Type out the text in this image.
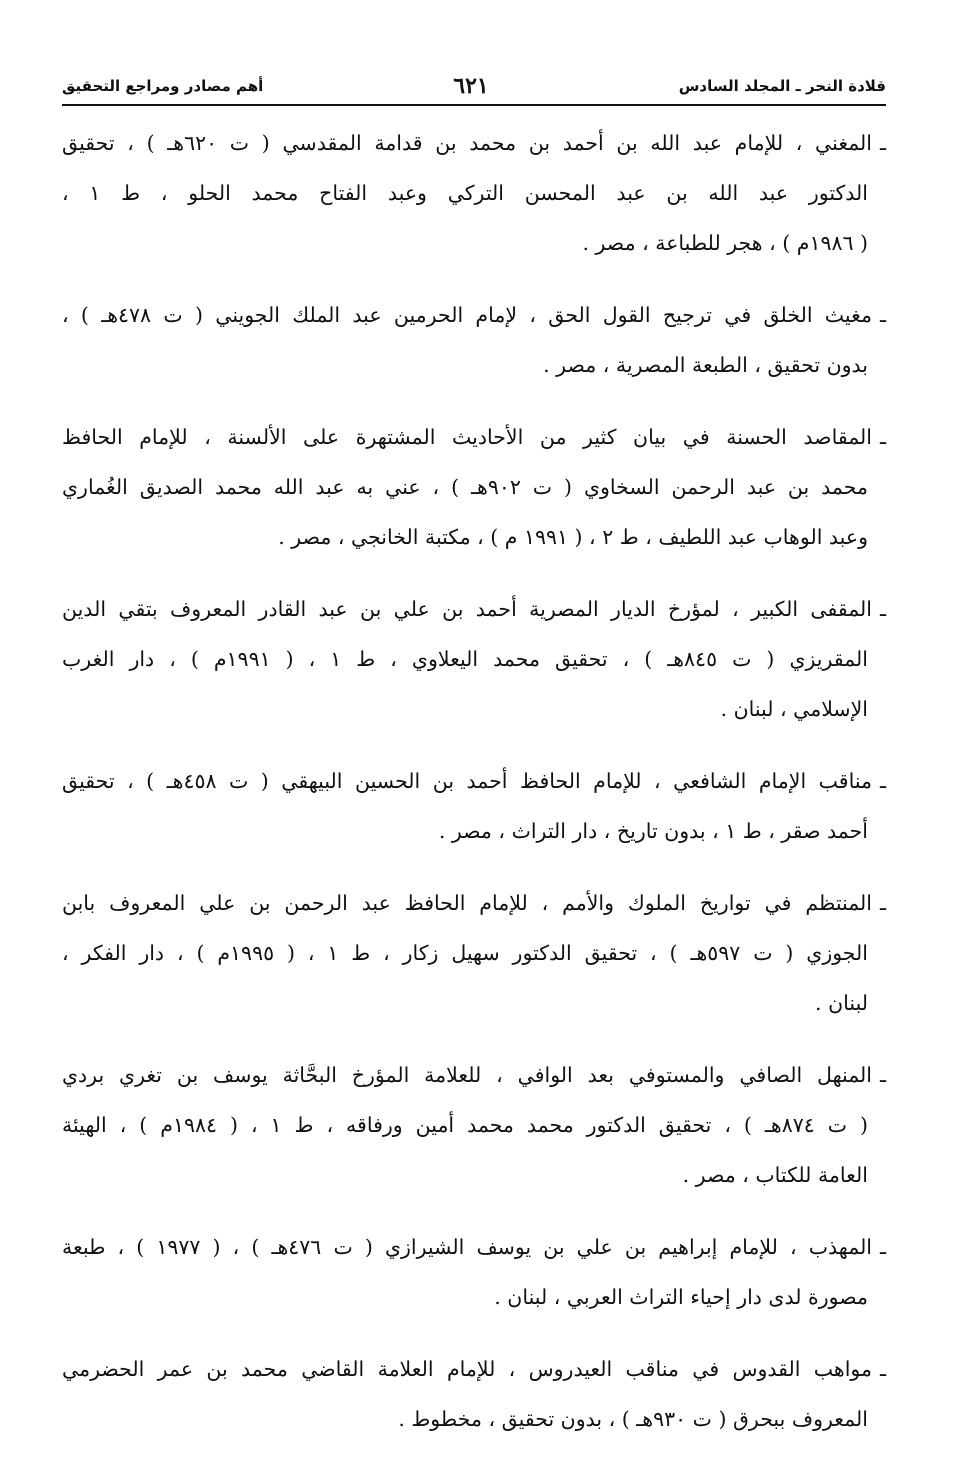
قلادة النحر ـ المجلد السادس
٦٢١
أهم مصادر ومراجع التحقيق
ـ
المغني ، للإمام عبد الله بن أحمد بن محمد بن قدامة المقدسي ( ت ٦٢٠هـ ) ، تحقيق
الدكتور عبد الله بن عبد المحسن التركي وعبد الفتاح محمد الحلو ، ط ١ ،
( ١٩٨٦م ) ، هجر للطباعة ، مصر .
ـ
مغيث الخلق في ترجيح القول الحق ، لإمام الحرمين عبد الملك الجويني ( ت ٤٧٨هـ ) ،
بدون تحقيق ، الطبعة المصرية ، مصر .
ـ
المقاصد الحسنة في بيان كثير من الأحاديث المشتهرة على الألسنة ، للإمام الحافظ
محمد بن عبد الرحمن السخاوي ( ت ٩٠٢هـ ) ، عني به عبد الله محمد الصديق الغُماري
وعبد الوهاب عبد اللطيف ، ط ٢ ، ( ١٩٩١ م ) ، مكتبة الخانجي ، مصر .
ـ
المقفى الكبير ، لمؤرخ الديار المصرية أحمد بن علي بن عبد القادر المعروف بتقي الدين
المقريزي ( ت ٨٤٥هـ ) ، تحقيق محمد اليعلاوي ، ط ١ ، ( ١٩٩١م ) ، دار الغرب
الإسلامي ، لبنان .
ـ
مناقب الإمام الشافعي ، للإمام الحافظ أحمد بن الحسين البيهقي ( ت ٤٥٨هـ ) ، تحقيق
أحمد صقر ، ط ١ ، بدون تاريخ ، دار التراث ، مصر .
ـ
المنتظم في تواريخ الملوك والأمم ، للإمام الحافظ عبد الرحمن بن علي المعروف بابن
الجوزي ( ت ٥٩٧هـ ) ، تحقيق الدكتور سهيل زكار ، ط ١ ، ( ١٩٩٥م ) ، دار الفكر ،
لبنان .
ـ
المنهل الصافي والمستوفي بعد الوافي ، للعلامة المؤرخ البحَّاثة يوسف بن تغري بردي
( ت ٨٧٤هـ ) ، تحقيق الدكتور محمد محمد أمين ورفاقه ، ط ١ ، ( ١٩٨٤م ) ، الهيئة
العامة للكتاب ، مصر .
ـ
المهذب ، للإمام إبراهيم بن علي بن يوسف الشيرازي ( ت ٤٧٦هـ ) ، ( ١٩٧٧ ) ، طبعة
مصورة لدى دار إحياء التراث العربي ، لبنان .
ـ
مواهب القدوس في مناقب العيدروس ، للإمام العلامة القاضي محمد بن عمر الحضرمي
المعروف ببحرق ( ت ٩٣٠هـ ) ، بدون تحقيق ، مخطوط .
